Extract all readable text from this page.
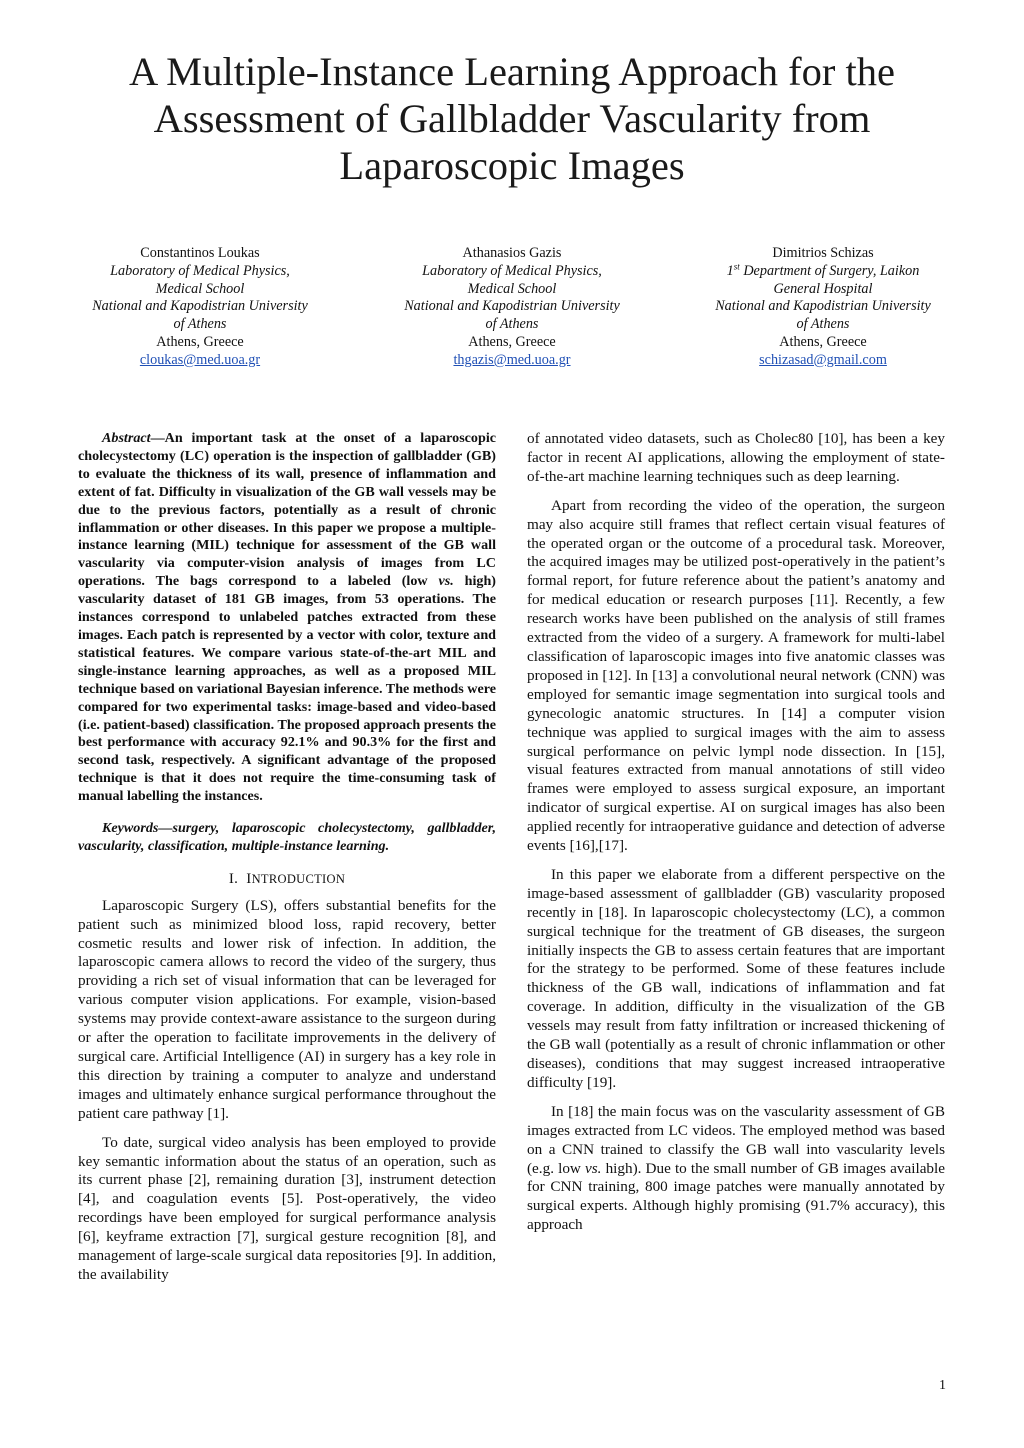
A Multiple-Instance Learning Approach for the
Assessment of Gallbladder Vascularity from
Laparoscopic Images
Constantinos Loukas
Laboratory of Medical Physics,
Medical School
National and Kapodistrian University
of Athens
Athens, Greece
cloukas@med.uoa.gr
Athanasios Gazis
Laboratory of Medical Physics,
Medical School
National and Kapodistrian University
of Athens
Athens, Greece
thgazis@med.uoa.gr
Dimitrios Schizas
1st Department of Surgery, Laikon
General Hospital
National and Kapodistrian University
of Athens
Athens, Greece
schizasad@gmail.com

Abstract—An important task at the onset of a laparoscopic cholecystectomy (LC) operation is the inspection of gallbladder (GB) to evaluate the thickness of its wall, presence of inflammation and extent of fat. Difficulty in visualization of the GB wall vessels may be due to the previous factors, potentially as a result of chronic inflammation or other diseases. In this paper we propose a multiple-instance learning (MIL) technique for assessment of the GB wall vascularity via computer-vision analysis of images from LC operations. The bags correspond to a labeled (low vs. high) vascularity dataset of 181 GB images, from 53 operations. The instances correspond to unlabeled patches extracted from these images. Each patch is represented by a vector with color, texture and statistical features. We compare various state-of-the-art MIL and single-instance learning approaches, as well as a proposed MIL technique based on variational Bayesian inference. The methods were compared for two experimental tasks: image-based and video-based (i.e. patient-based) classification. The proposed approach presents the best performance with accuracy 92.1% and 90.3% for the first and second task, respectively. A significant advantage of the proposed technique is that it does not require the time-consuming task of manual labelling the instances.

Keywords—surgery, laparoscopic cholecystectomy, gallbladder, vascularity, classification, multiple-instance learning.

I. INTRODUCTION

Laparoscopic Surgery (LS), offers substantial benefits for the patient such as minimized blood loss, rapid recovery, better cosmetic results and lower risk of infection. In addition, the laparoscopic camera allows to record the video of the surgery, thus providing a rich set of visual information that can be leveraged for various computer vision applications. For example, vision-based systems may provide context-aware assistance to the surgeon during or after the operation to facilitate improvements in the delivery of surgical care. Artificial Intelligence (AI) in surgery has a key role in this direction by training a computer to analyze and understand images and ultimately enhance surgical performance throughout the patient care pathway [1].

To date, surgical video analysis has been employed to provide key semantic information about the status of an operation, such as its current phase [2], remaining duration [3], instrument detection [4], and coagulation events [5]. Post-operatively, the video recordings have been employed for surgical performance analysis [6], keyframe extraction [7], surgical gesture recognition [8], and management of large-scale surgical data repositories [9]. In addition, the availability

of annotated video datasets, such as Cholec80 [10], has been a key factor in recent AI applications, allowing the employment of state-of-the-art machine learning techniques such as deep learning.

Apart from recording the video of the operation, the surgeon may also acquire still frames that reflect certain visual features of the operated organ or the outcome of a procedural task. Moreover, the acquired images may be utilized post-operatively in the patient’s formal report, for future reference about the patient’s anatomy and for medical education or research purposes [11]. Recently, a few research works have been published on the analysis of still frames extracted from the video of a surgery. A framework for multi-label classification of laparoscopic images into five anatomic classes was proposed in [12]. In [13] a convolutional neural network (CNN) was employed for semantic image segmentation into surgical tools and gynecologic anatomic structures. In [14] a computer vision technique was applied to surgical images with the aim to assess surgical performance on pelvic lympl node dissection. In [15], visual features extracted from manual annotations of still video frames were employed to assess surgical exposure, an important indicator of surgical expertise. AI on surgical images has also been applied recently for intraoperative guidance and detection of adverse events [16],[17].

In this paper we elaborate from a different perspective on the image-based assessment of gallbladder (GB) vascularity proposed recently in [18]. In laparoscopic cholecystectomy (LC), a common surgical technique for the treatment of GB diseases, the surgeon initially inspects the GB to assess certain features that are important for the strategy to be performed. Some of these features include thickness of the GB wall, indications of inflammation and fat coverage. In addition, difficulty in the visualization of the GB vessels may result from fatty infiltration or increased thickening of the GB wall (potentially as a result of chronic inflammation or other diseases), conditions that may suggest increased intraoperative difficulty [19].

In [18] the main focus was on the vascularity assessment of GB images extracted from LC videos. The employed method was based on a CNN trained to classify the GB wall into vascularity levels (e.g. low vs. high). Due to the small number of GB images available for CNN training, 800 image patches were manually annotated by surgical experts. Although highly promising (91.7% accuracy), this approach

1
